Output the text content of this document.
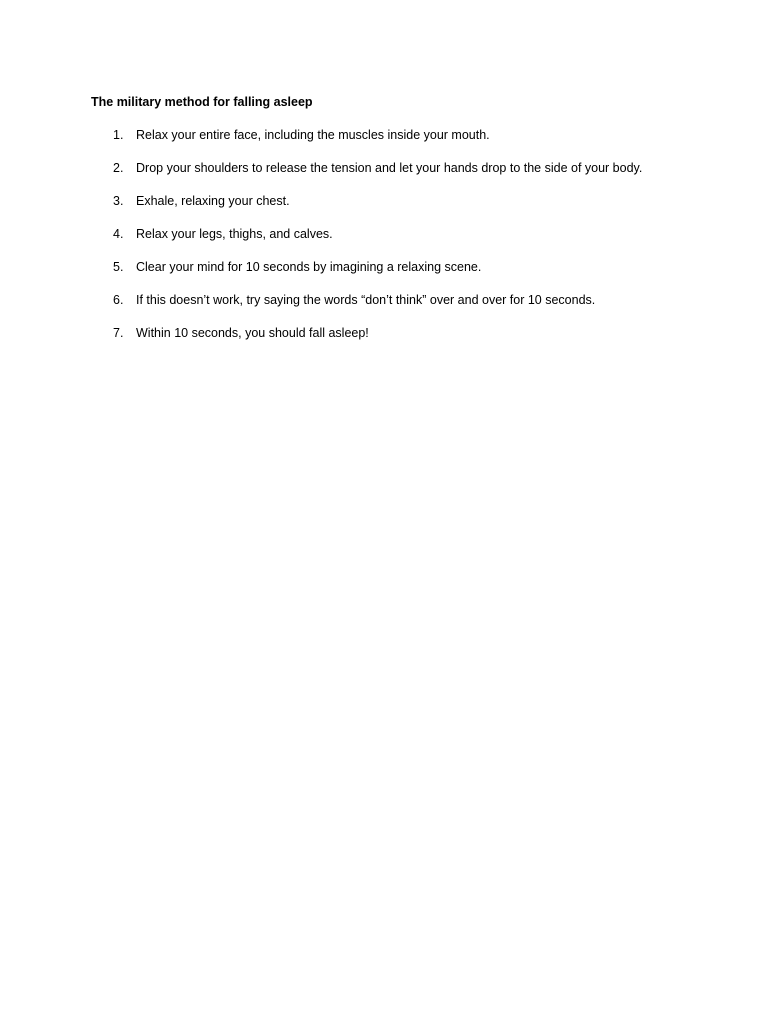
The military method for falling asleep
1. Relax your entire face, including the muscles inside your mouth.
2. Drop your shoulders to release the tension and let your hands drop to the side of your body.
3. Exhale, relaxing your chest.
4. Relax your legs, thighs, and calves.
5. Clear your mind for 10 seconds by imagining a relaxing scene.
6. If this doesn’t work, try saying the words “don’t think” over and over for 10 seconds.
7. Within 10 seconds, you should fall asleep!
